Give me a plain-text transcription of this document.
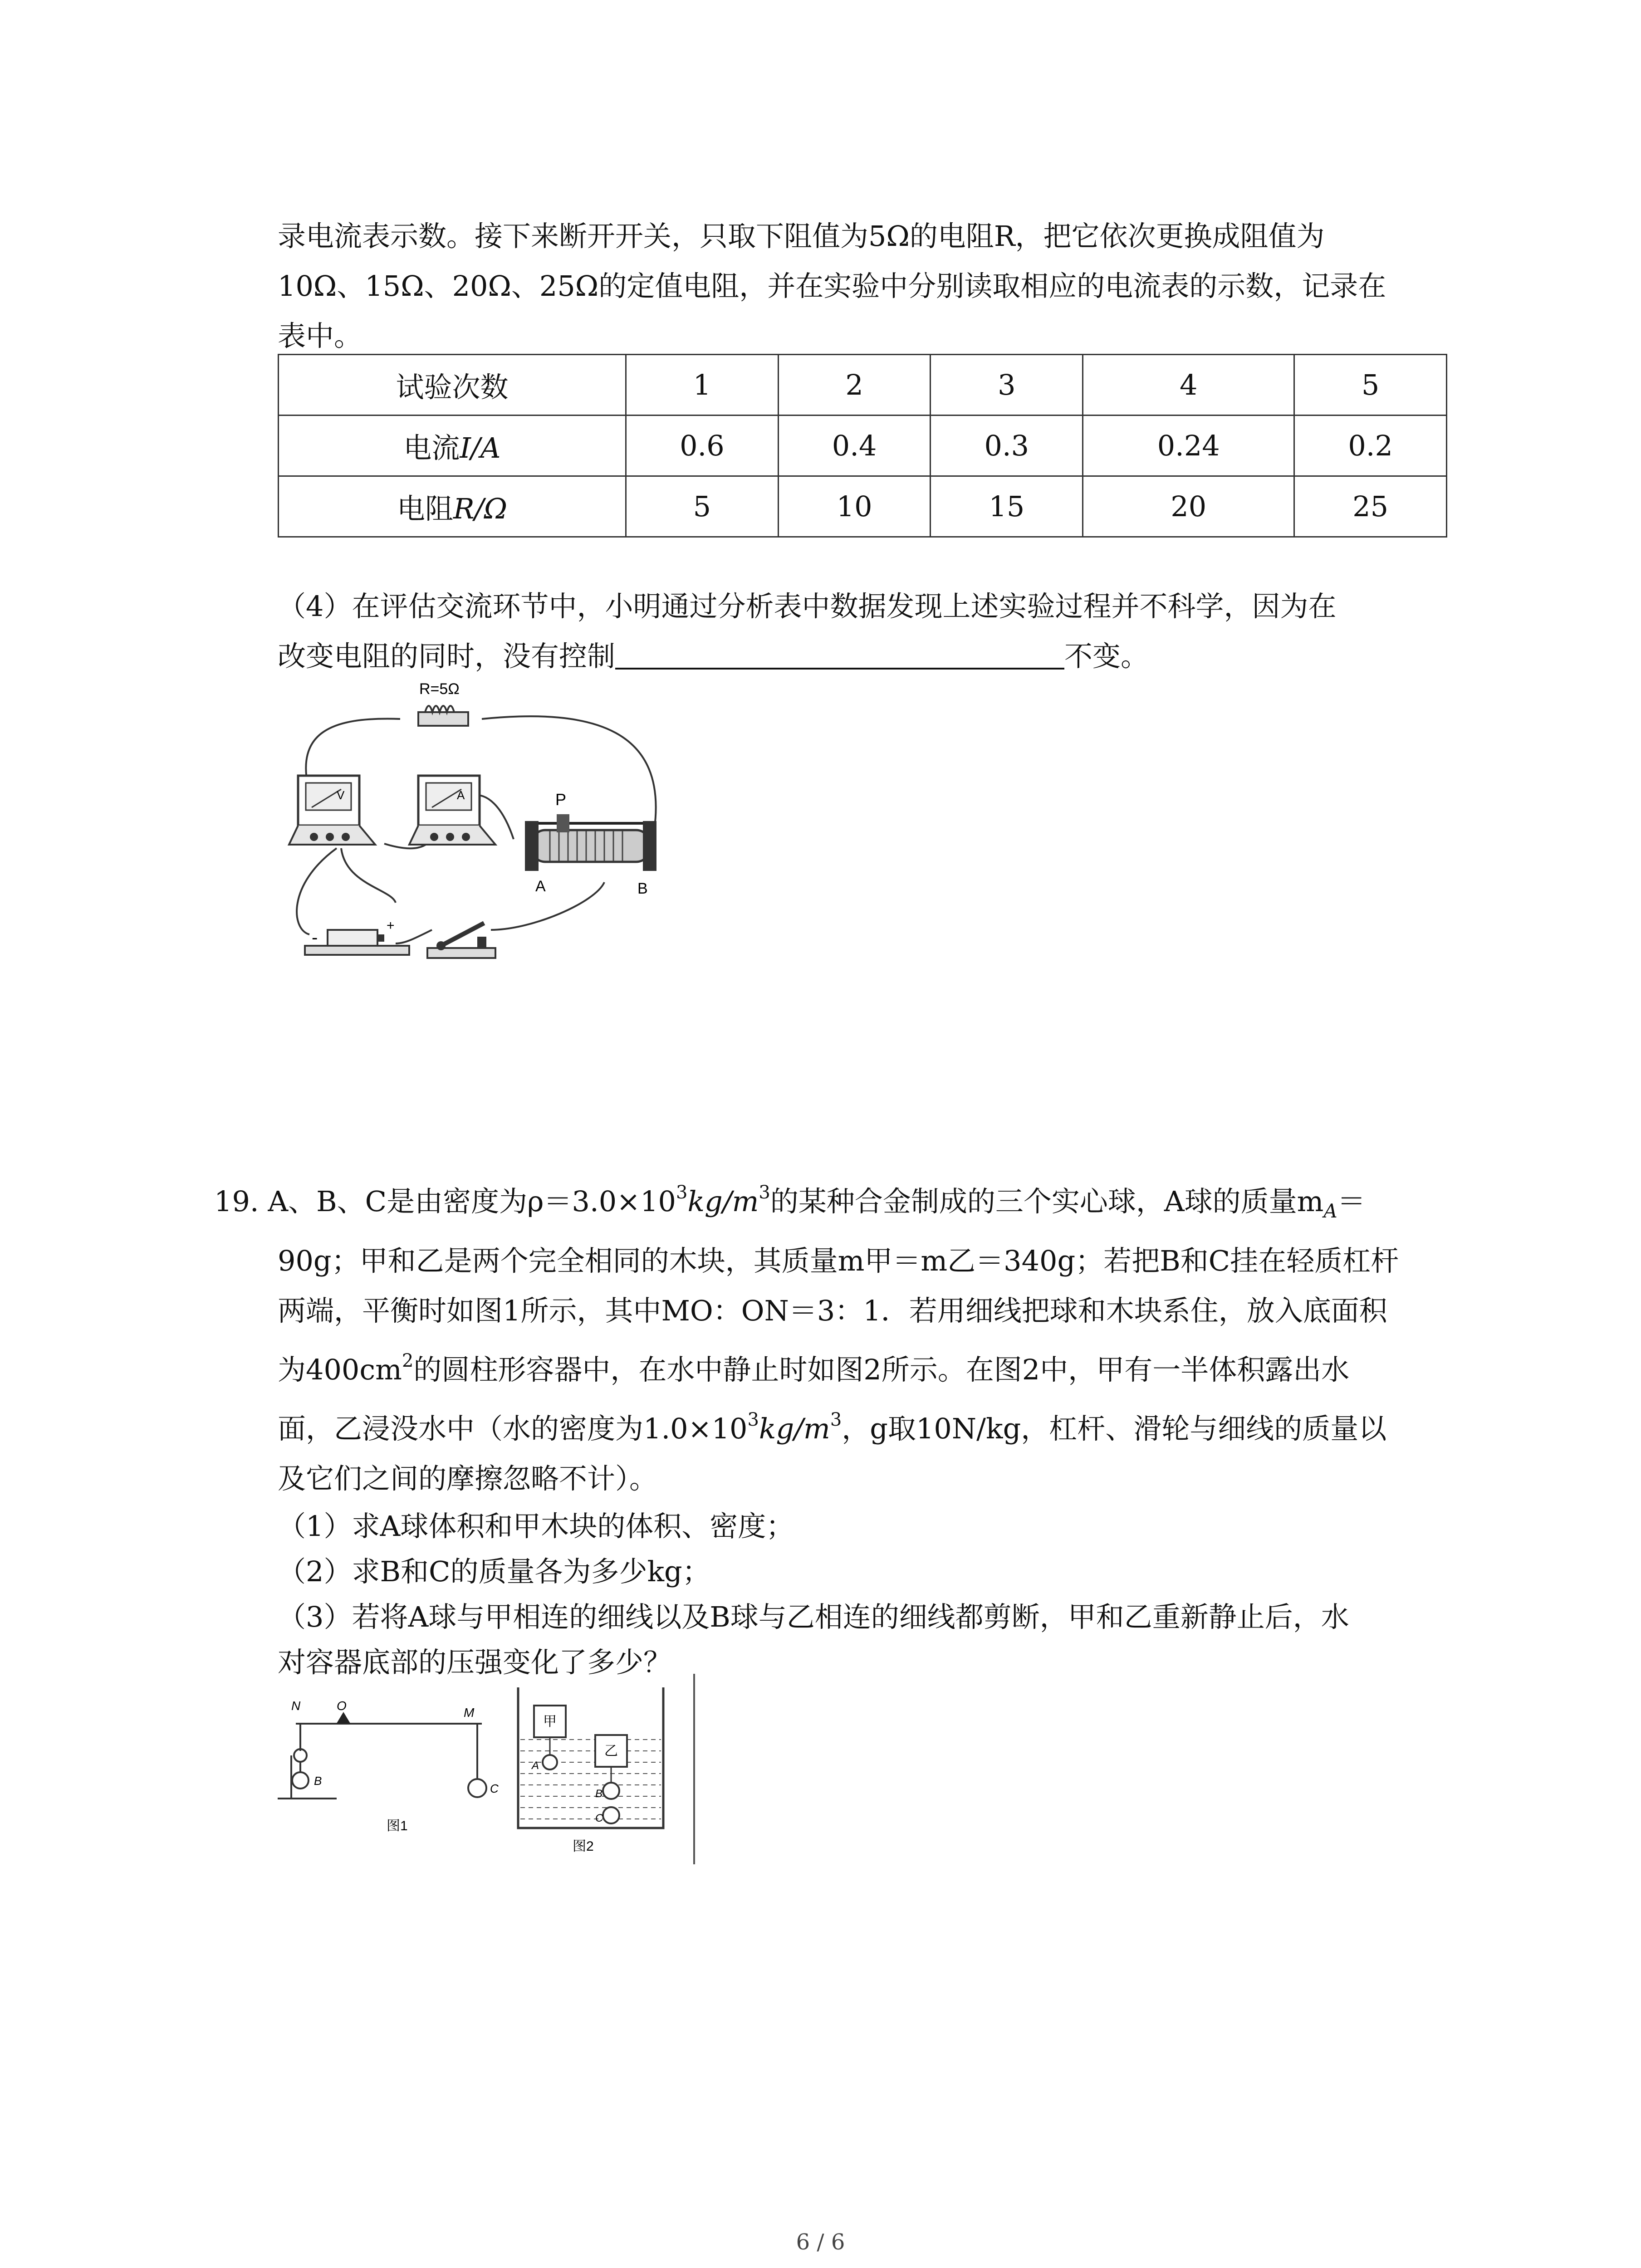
录电流表示数。接下来断开开关，只取下阻值为5Ω的电阻R，把它依次更换成阻值为
10Ω、15Ω、20Ω、25Ω的定值电阻，并在实验中分别读取相应的电流表的示数，记录在
表中。
试验次数	1	2	3	4	5
电流I/A	0.6	0.4	0.3	0.24	0.2
电阻R/Ω	5	10	15	20	25
（4）在评估交流环节中，小明通过分析表中数据发现上述实验过程并不科学，因为在
改变电阻的同时，没有控制	不变。
R=5Ω
V	A	P
A	B
-
+
19. A、B、C是由密度为$\rho=3.0\times 10^3kg/m^3$的某种合金制成的三个实心球，A球的质量$m_A=$
90g；甲和乙是两个完全相同的木块，其质量m甲＝m乙＝340g；若把B和C挂在轻质杠杆
两端，平衡时如图1所示，其中MO：ON＝3：1．若用细线把球和木块系住，放入底面积
为$400cm^2$的圆柱形容器中，在水中静止时如图2所示。在图2中，甲有一半体积露出水
面，乙浸没水中（水的密度为$1.0\times 10^3kg/m^3$，g取10N/kg，杠杆、滑轮与细线的质量以
及它们之间的摩擦忽略不计）。
（1）求A球体积和甲木块的体积、密度；
（2）求B和C的质量各为多少kg；
（3）若将A球与甲相连的细线以及B球与乙相连的细线都剪断，甲和乙重新静止后，水
对容器底部的压强变化了多少？
N	O	M
B
C
图1
甲
乙
A
B
C
图2
6 / 6
